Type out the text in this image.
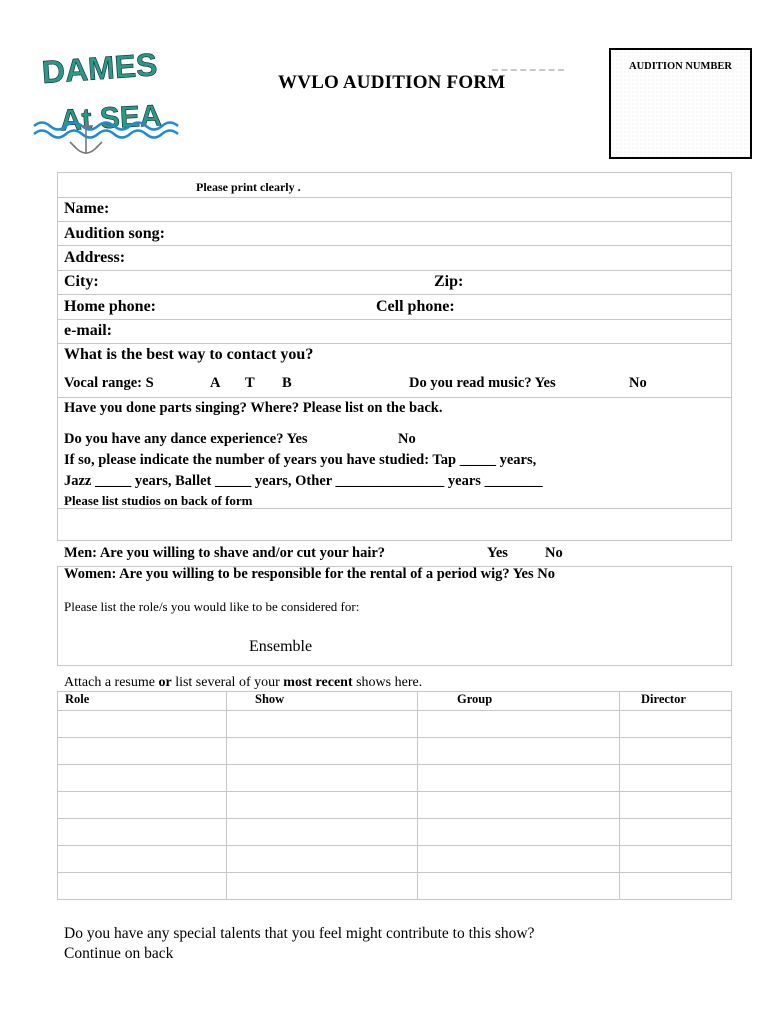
DAMES
At SEA
WVLO AUDITION FORM
AUDITION NUMBER
Please print clearly .
Name:
Audition song:
Address:
City:	Zip:
Home phone:	Cell phone:
e-mail:
What is the best way to contact you?
Vocal range: S	A T B	Do you read music? Yes	No
Have you done parts singing? Where? Please list on the back.
Do you have any dance experience? Yes	No
If so, please indicate the number of years you have studied: Tap _____ years,
Jazz _____ years, Ballet _____ years, Other _______________ years ________
Please list studios on back of form
Men: Are you willing to shave and/or cut your hair?	Yes	No
Women: Are you willing to be responsible for the rental of a period wig? Yes No
Please list the role/s you would like to be considered for:
Ensemble
Attach a resume or list several of your most recent shows here.
Role	Show	Group	Director

Do you have any special talents that you feel might contribute to this show?
Continue on back
